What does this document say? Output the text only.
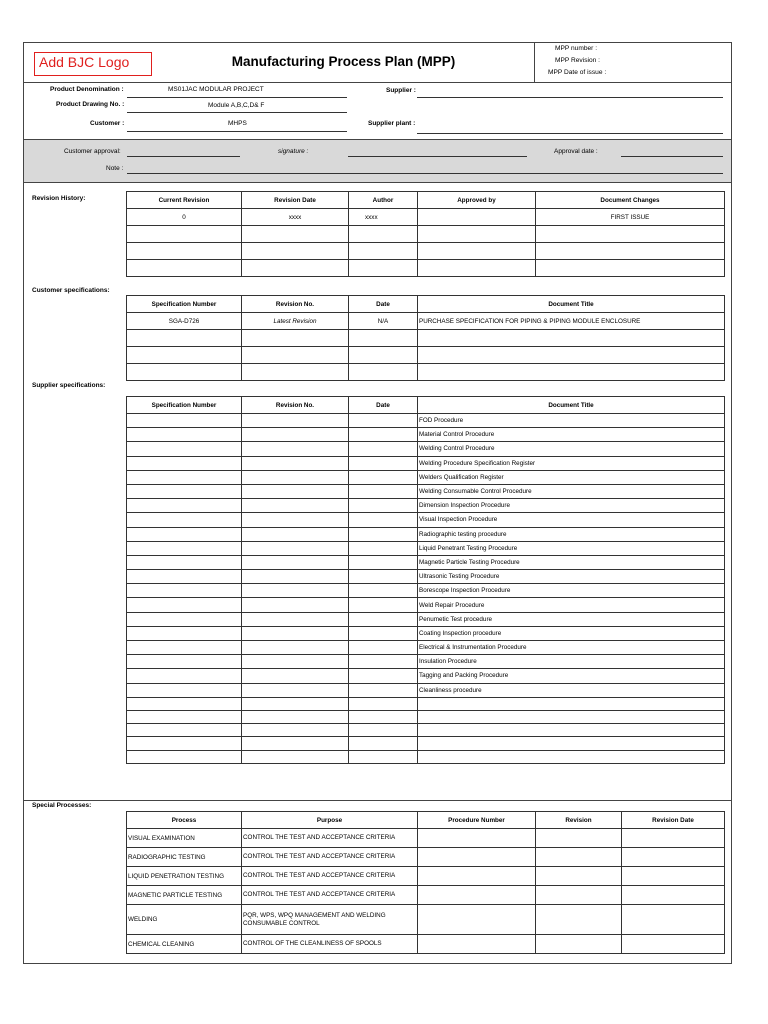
Add BJC Logo	Manufacturing Process Plan (MPP)
MPP number :
MPP Revision :
MPP Date of issue :
Product Denomination :	MS01JAC MODULAR PROJECT
Product Drawing No. :	Module A,B,C,D& F
Customer :	MHPS
Supplier :
Supplier plant :
Customer approval:	signature :	Approval date :
Note :
Revision History:	Current Revision	Revision Date	Author	Approved by	Document Changes
0	xxxx	xxxx		FIRST ISSUE

Customer specifications:
Specification Number	Revision No.	Date	Document Title
SGA-D726	Latest Revision	N/A	PURCHASE SPECIFICATION FOR PIPING & PIPING MODULE ENCLOSURE

Supplier specifications:
Specification Number	Revision No.	Date	Document Title
			FOD Procedure
			Material Control Procedure
			Welding Control Procedure
			Welding Procedure Specification Register
			Welders Qualification Register
			Welding Consumable Control Procedure
			Dimension Inspection Procedure
			Visual Inspection Procedure
			Radiographic testing procedure
			Liquid Penetrant Testing Procedure
			Magnetic Particle Testing Procedure
			Ultrasonic Testing Procedure
			Borescope Inspection Procedure
			Weld Repair Procedure
			Penumetic Test procedure
			Coating Inspection procedure
			Electrical & Instrumentation Procedure
			Insulation Procedure
			Tagging and Packing Procedure
			Cleanliness procedure

Special Processes:
Process	Purpose	Procedure Number	Revision	Revision Date
VISUAL EXAMINATION	CONTROL THE TEST AND ACCEPTANCE CRITERIA			
RADIOGRAPHIC TESTING	CONTROL THE TEST AND ACCEPTANCE CRITERIA			
LIQUID PENETRATION TESTING	CONTROL THE TEST AND ACCEPTANCE CRITERIA			
MAGNETIC PARTICLE TESTING	CONTROL THE TEST AND ACCEPTANCE CRITERIA			
WELDING	PQR, WPS, WPQ MANAGEMENT AND WELDING CONSUMABLE CONTROL			
CHEMICAL CLEANING	CONTROL OF THE CLEANLINESS OF SPOOLS			
